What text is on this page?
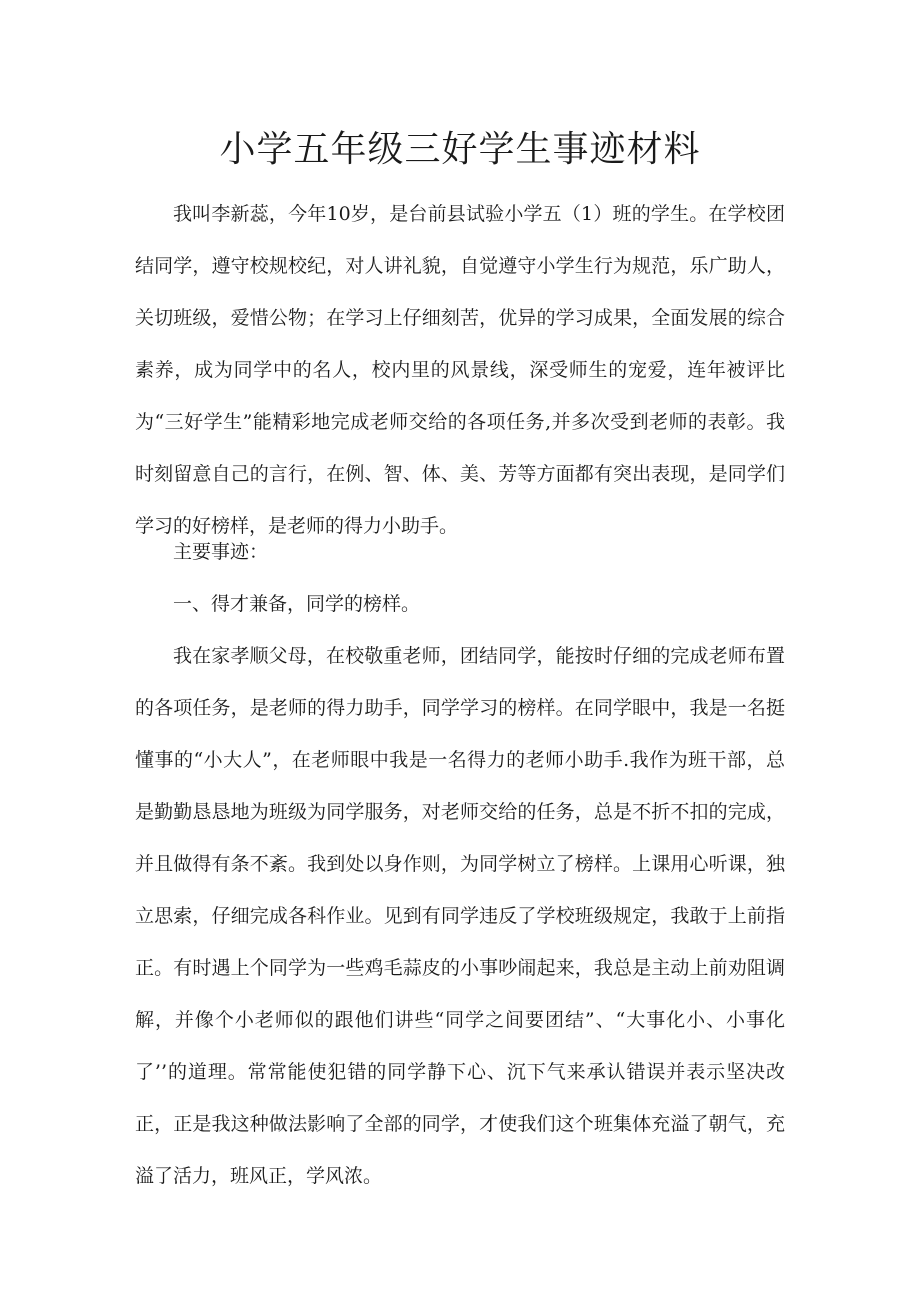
小学五年级三好学生事迹材料

我叫李新蕊，今年10岁，是台前县试验小学五（1）班的学生。在学校团结同学，遵守校规校纪，对人讲礼貌，自觉遵守小学生行为规范，乐广助人，关切班级，爱惜公物；在学习上仔细刻苦，优异的学习成果，全面发展的综合素养，成为同学中的名人，校内里的风景线，深受师生的宠爱，连年被评比为“三好学生”能精彩地完成老师交给的各项任务,并多次受到老师的表彰。我时刻留意自己的言行，在例、智、体、美、芳等方面都有突出表现，是同学们学习的好榜样，是老师的得力小助手。

主要事迹：

一、得才兼备，同学的榜样。

我在家孝顺父母，在校敬重老师，团结同学，能按时仔细的完成老师布置的各项任务，是老师的得力助手，同学学习的榜样。在同学眼中，我是一名挺懂事的“小大人”，在老师眼中我是一名得力的老师小助手.我作为班干部，总是勤勤恳恳地为班级为同学服务，对老师交给的任务，总是不折不扣的完成，并且做得有条不紊。我到处以身作则，为同学树立了榜样。上课用心听课，独立思索，仔细完成各科作业。见到有同学违反了学校班级规定，我敢于上前指正。有时遇上个同学为一些鸡毛蒜皮的小事吵闹起来，我总是主动上前劝阻调解，并像个小老师似的跟他们讲些“同学之间要团结”、“大事化小、小事化了’’的道理。常常能使犯错的同学静下心、沉下气来承认错误并表示坚决改正，正是我这种做法影响了全部的同学，才使我们这个班集体充溢了朝气，充溢了活力，班风正，学风浓。
